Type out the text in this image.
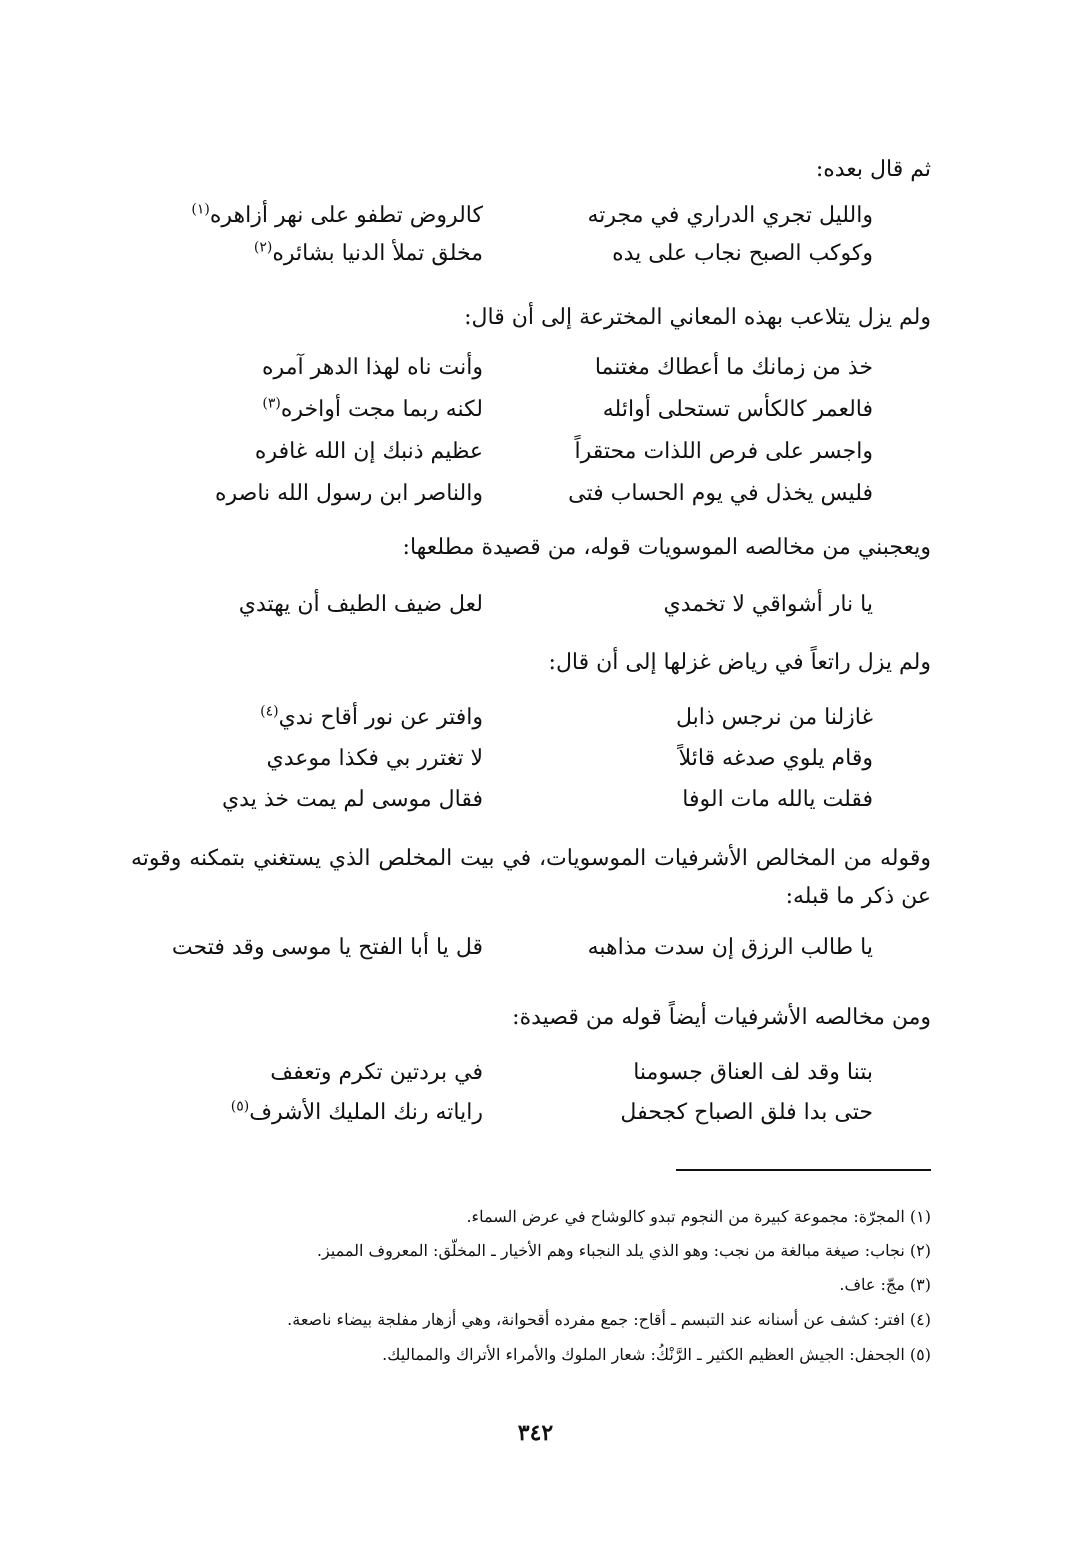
ثم قال بعده:
والليل تجري الدراري في مجرته
كالروض تطفو على نهر أزاهره$^{(١)}$
وكوكب الصبح نجاب على يده
مخلق تملأ الدنيا بشائره$^{(٢)}$
ولم يزل يتلاعب بهذه المعاني المخترعة إلى أن قال:
خذ من زمانك ما أعطاك مغتنما
وأنت ناه لهذا الدهر آمره
فالعمر كالكأس تستحلى أوائله
لكنه ربما مجت أواخره$^{(٣)}$
واجسر على فرص اللذات محتقراً
عظيم ذنبك إن الله غافره
فليس يخذل في يوم الحساب فتى
والناصر ابن رسول الله ناصره
ويعجبني من مخالصه الموسويات قوله، من قصيدة مطلعها:
يا نار أشواقي لا تخمدي
لعل ضيف الطيف أن يهتدي
ولم يزل راتعاً في رياض غزلها إلى أن قال:
غازلنا من نرجس ذابل
وافتر عن نور أقاح ندي$^{(٤)}$
وقام يلوي صدغه قائلاً
لا تغترر بي فكذا موعدي
فقلت يالله مات الوفا
فقال موسى لم يمت خذ يدي
وقوله من المخالص الأشرفيات الموسويات، في بيت المخلص الذي يستغني بتمكنه وقوته عن ذكر ما قبله:
يا طالب الرزق إن سدت مذاهبه
قل يا أبا الفتح يا موسى وقد فتحت
ومن مخالصه الأشرفيات أيضاً قوله من قصيدة:
بتنا وقد لف العناق جسومنا
في بردتين تكرم وتعفف
حتى بدا فلق الصباح كجحفل
راياته رنك المليك الأشرف$^{(٥)}$
(١) المجرّة: مجموعة كبيرة من النجوم تبدو كالوشاح في عرض السماء.
(٢) نجاب: صيغة مبالغة من نجب: وهو الذي يلد النجباء وهم الأخيار ـ المخلّق: المعروف المميز.
(٣) مجّ: عاف.
(٤) افتر: كشف عن أسنانه عند التبسم ـ أقاح: جمع مفرده أقحوانة، وهي أزهار مفلجة بيضاء ناصعة.
(٥) الجحفل: الجيش العظيم الكثير ـ الرَّنْكُ: شعار الملوك والأمراء الأتراك والمماليك.
٣٤٢
